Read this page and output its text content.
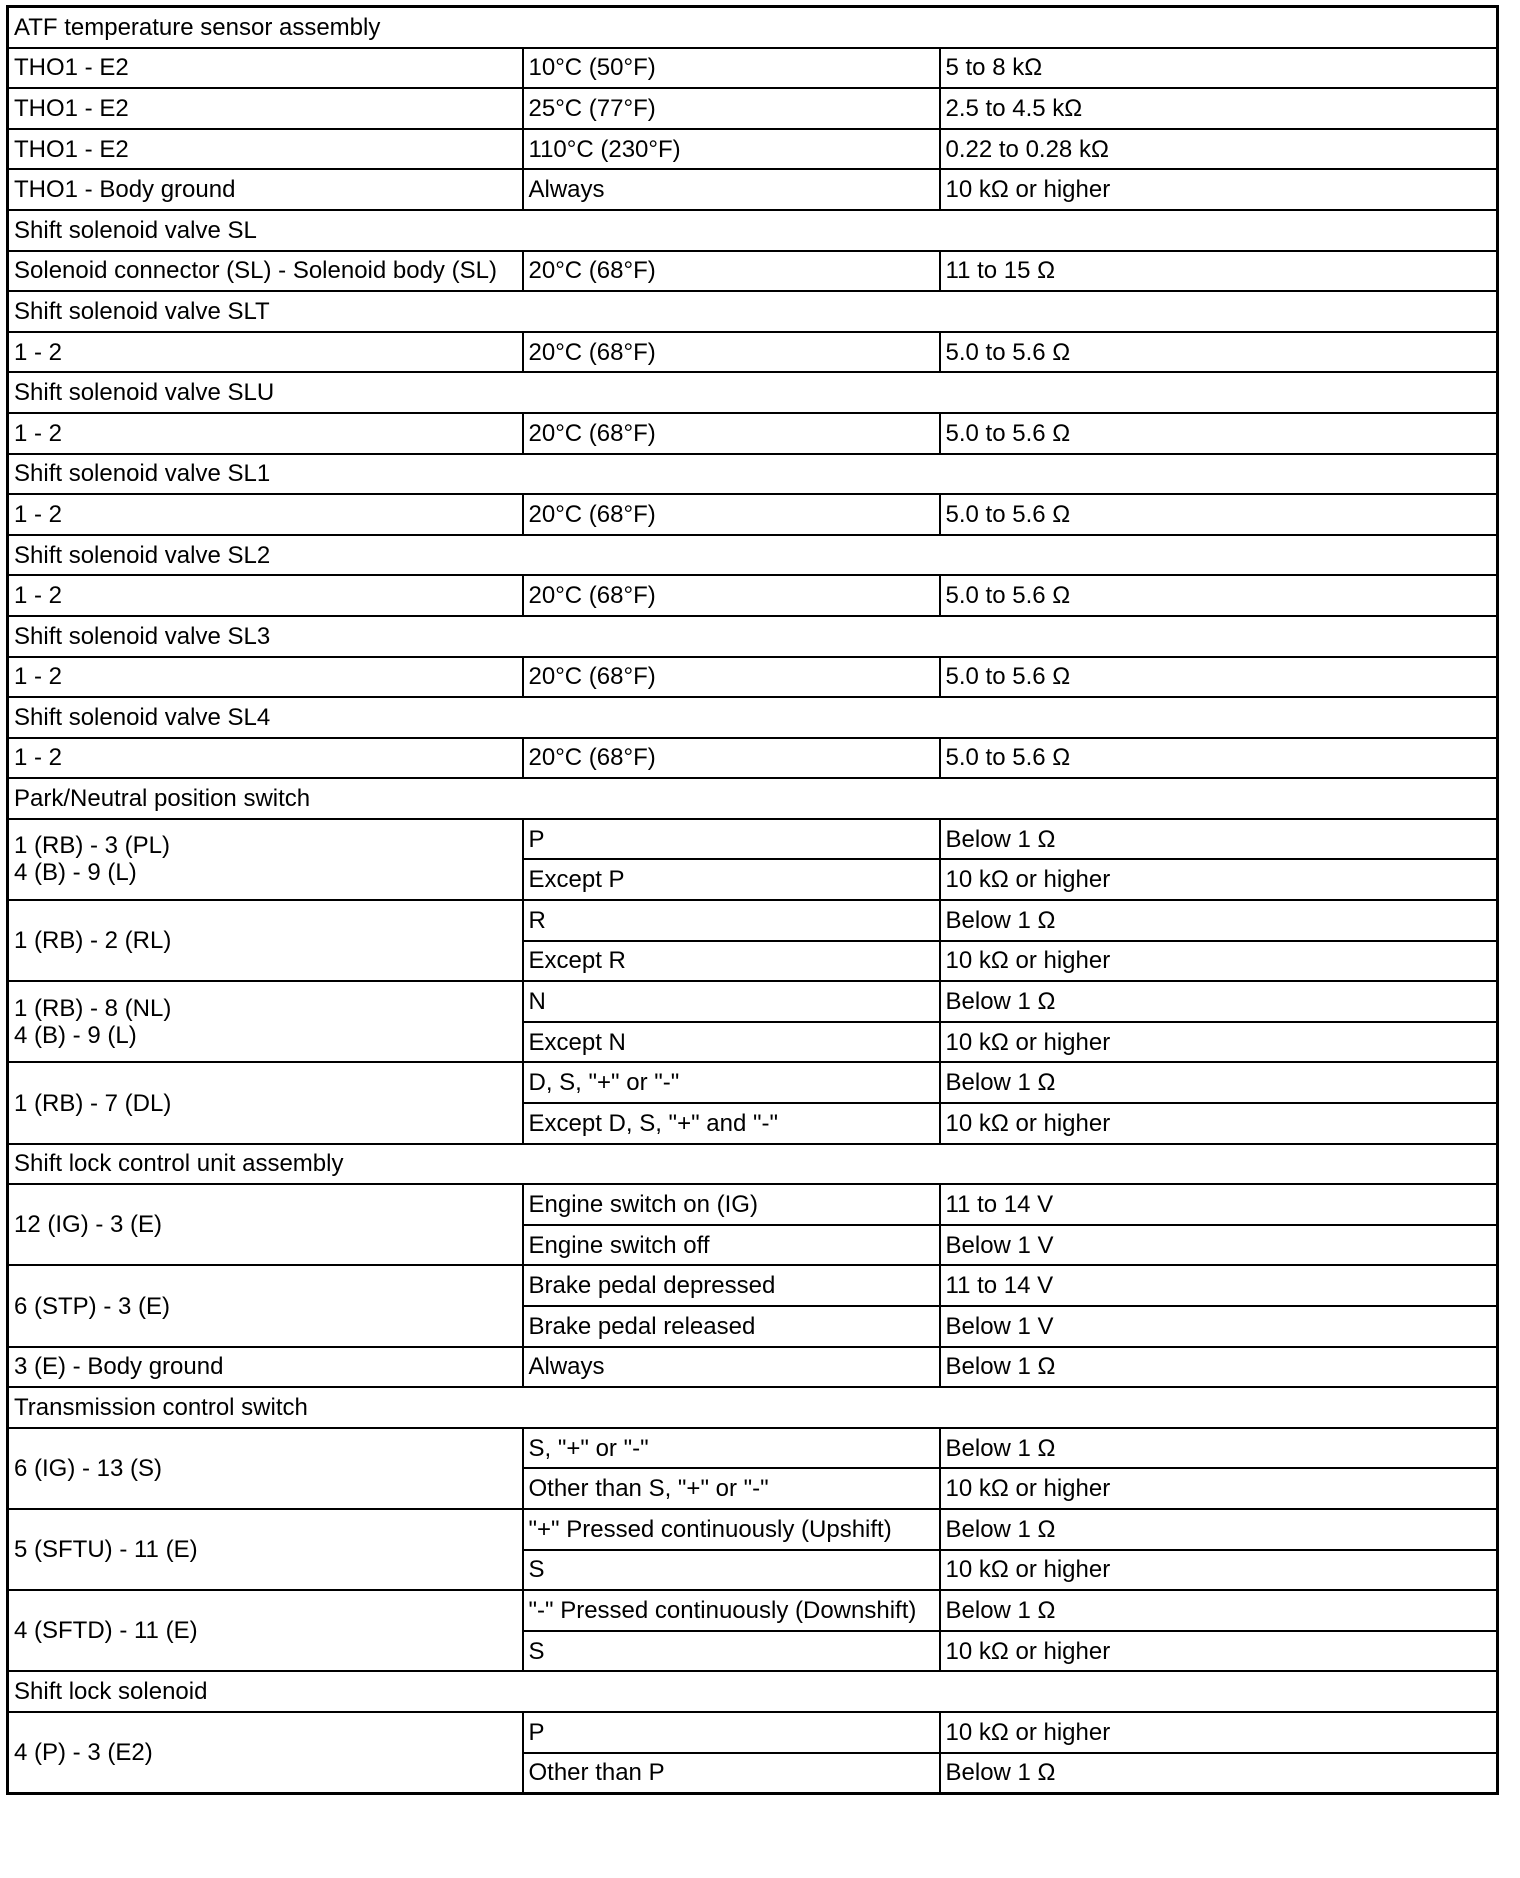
ATF temperature sensor assembly		
THO1 - E2	10°C (50°F)	5 to 8 kΩ
THO1 - E2	25°C (77°F)	2.5 to 4.5 kΩ
THO1 - E2	110°C (230°F)	0.22 to 0.28 kΩ
THO1 - Body ground	Always	10 kΩ or higher
Shift solenoid valve SL		
Solenoid connector (SL) - Solenoid body (SL)	20°C (68°F)	11 to 15 Ω
Shift solenoid valve SLT		
1 - 2	20°C (68°F)	5.0 to 5.6 Ω
Shift solenoid valve SLU		
1 - 2	20°C (68°F)	5.0 to 5.6 Ω
Shift solenoid valve SL1		
1 - 2	20°C (68°F)	5.0 to 5.6 Ω
Shift solenoid valve SL2		
1 - 2	20°C (68°F)	5.0 to 5.6 Ω
Shift solenoid valve SL3		
1 - 2	20°C (68°F)	5.0 to 5.6 Ω
Shift solenoid valve SL4		
1 - 2	20°C (68°F)	5.0 to 5.6 Ω
Park/Neutral position switch		

1 (RB) - 3 (PL)
4 (B) - 9 (L)	P	Below 1 Ω
	Except P	10 kΩ or higher

1 (RB) - 2 (RL)	R	Below 1 Ω
	Except R	10 kΩ or higher

1 (RB) - 8 (NL)
4 (B) - 9 (L)	N	Below 1 Ω
	Except N	10 kΩ or higher

1 (RB) - 7 (DL)	D, S, "+" or "-"	Below 1 Ω
	Except D, S, "+" and "-"	10 kΩ or higher
Shift lock control unit assembly		

12 (IG) - 3 (E)	Engine switch on (IG)	11 to 14 V
	Engine switch off	Below 1 V

6 (STP) - 3 (E)	Brake pedal depressed	11 to 14 V
	Brake pedal released	Below 1 V

3 (E) - Body ground	Always	Below 1 Ω
Transmission control switch		

6 (IG) - 13 (S)	S, "+" or "-"	Below 1 Ω
	Other than S, "+" or "-"	10 kΩ or higher

5 (SFTU) - 11 (E)	"+" Pressed continuously (Upshift)	Below 1 Ω
	S	10 kΩ or higher

4 (SFTD) - 11 (E)	"-" Pressed continuously (Downshift)	Below 1 Ω
	S	10 kΩ or higher
Shift lock solenoid		

4 (P) - 3 (E2)	P	10 kΩ or higher
	Other than P	Below 1 Ω
